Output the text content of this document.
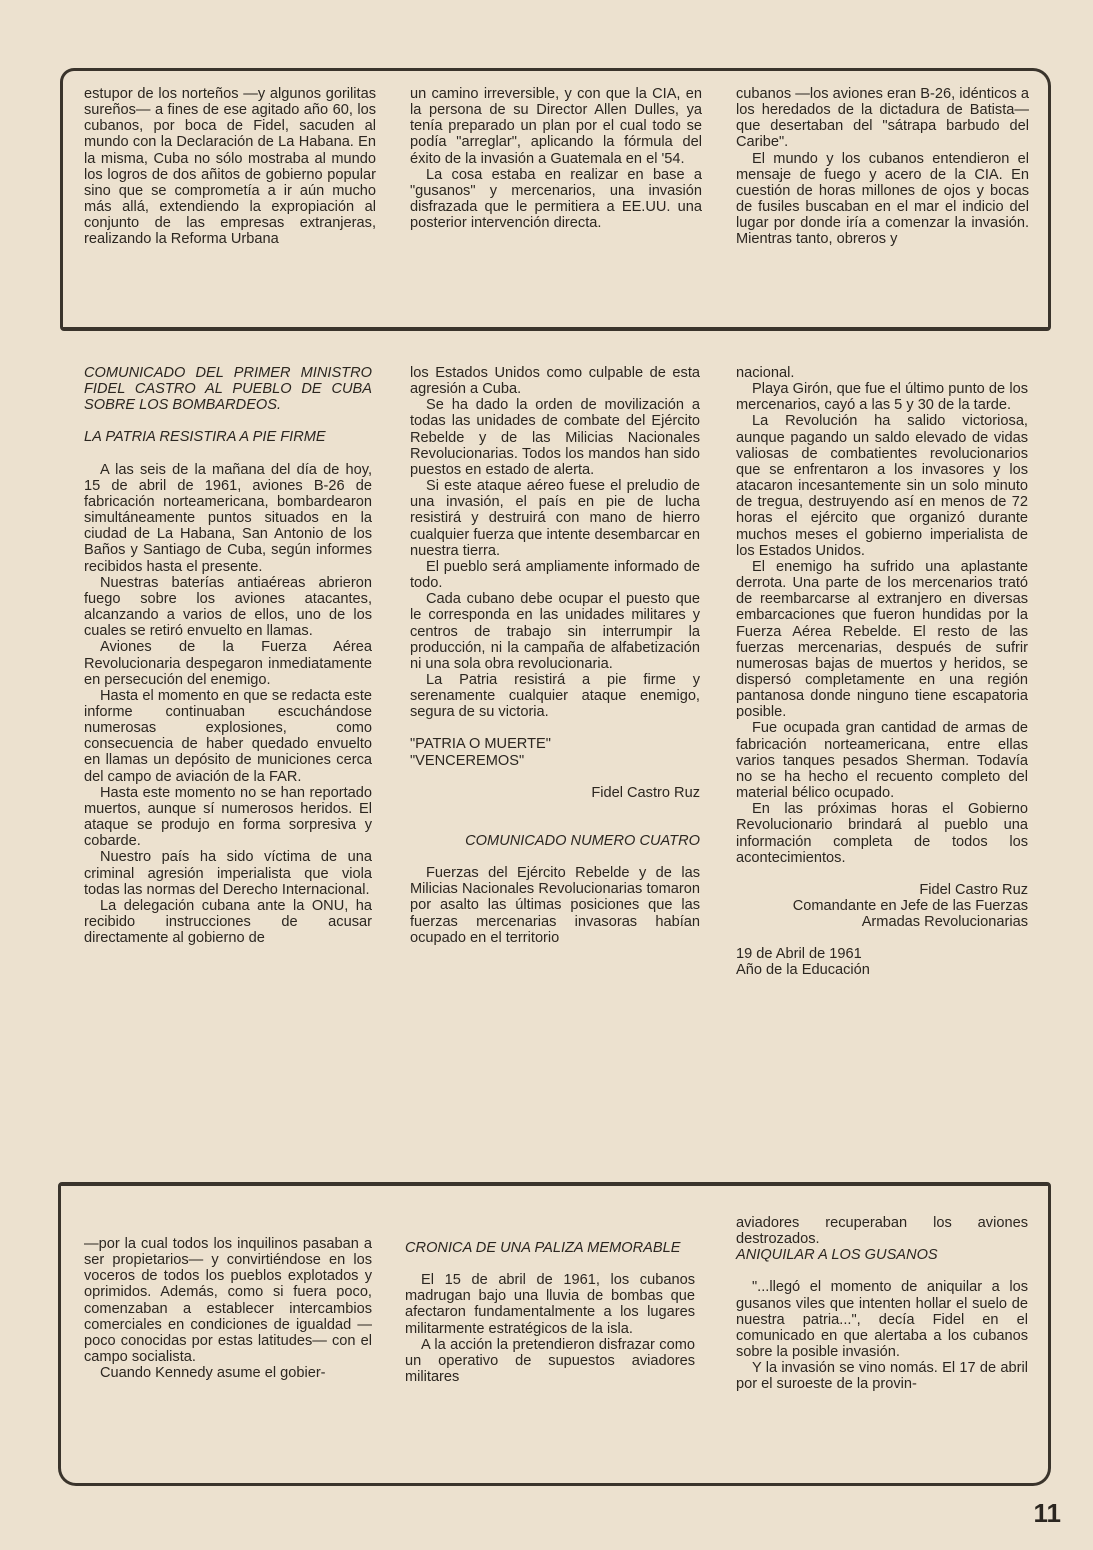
estupor de los norteños —y algunos gorilitas sureños— a fines de ese agitado año 60, los cubanos, por boca de Fidel, sacuden al mundo con la Declaración de La Habana. En la misma, Cuba no sólo mostraba al mundo los logros de dos añitos de gobierno popular sino que se comprometía a ir aún mucho más allá, extendiendo la expropiación al conjunto de las empresas extranjeras, realizando la Reforma Urbana

un camino irreversible, y con que la CIA, en la persona de su Director Allen Dulles, ya tenía preparado un plan por el cual todo se podía "arreglar", aplicando la fórmula del éxito de la invasión a Guatemala en el '54.

La cosa estaba en realizar en base a "gusanos" y mercenarios, una invasión disfrazada que le permitiera a EE.UU. una posterior intervención directa.

cubanos —los aviones eran B-26, idénticos a los heredados de la dictadura de Batista— que desertaban del "sátrapa barbudo del Caribe".

El mundo y los cubanos entendieron el mensaje de fuego y acero de la CIA. En cuestión de horas millones de ojos y bocas de fusiles buscaban en el mar el indicio del lugar por donde iría a comenzar la invasión. Mientras tanto, obreros y

COMUNICADO DEL PRIMER MINISTRO FIDEL CASTRO AL PUEBLO DE CUBA SOBRE LOS BOMBARDEOS.

LA PATRIA RESISTIRA A PIE FIRME

A las seis de la mañana del día de hoy, 15 de abril de 1961, aviones B-26 de fabricación norteamericana, bombardearon simultáneamente puntos situados en la ciudad de La Habana, San Antonio de los Baños y Santiago de Cuba, según informes recibidos hasta el presente.

Nuestras baterías antiaéreas abrieron fuego sobre los aviones atacantes, alcanzando a varios de ellos, uno de los cuales se retiró envuelto en llamas.

Aviones de la Fuerza Aérea Revolucionaria despegaron inmediatamente en persecución del enemigo.

Hasta el momento en que se redacta este informe continuaban escuchándose numerosas explosiones, como consecuencia de haber quedado envuelto en llamas un depósito de municiones cerca del campo de aviación de la FAR.

Hasta este momento no se han reportado muertos, aunque sí numerosos heridos. El ataque se produjo en forma sorpresiva y cobarde.

Nuestro país ha sido víctima de una criminal agresión imperialista que viola todas las normas del Derecho Internacional.

La delegación cubana ante la ONU, ha recibido instrucciones de acusar directamente al gobierno de

los Estados Unidos como culpable de esta agresión a Cuba.

Se ha dado la orden de movilización a todas las unidades de combate del Ejército Rebelde y de las Milicias Nacionales Revolucionarias. Todos los mandos han sido puestos en estado de alerta.

Si este ataque aéreo fuese el preludio de una invasión, el país en pie de lucha resistirá y destruirá con mano de hierro cualquier fuerza que intente desembarcar en nuestra tierra.

El pueblo será ampliamente informado de todo.

Cada cubano debe ocupar el puesto que le corresponda en las unidades militares y centros de trabajo sin interrumpir la producción, ni la campaña de alfabetización ni una sola obra revolucionaria.

La Patria resistirá a pie firme y serenamente cualquier ataque enemigo, segura de su victoria.

"PATRIA O MUERTE"

"VENCEREMOS"

Fidel Castro Ruz

COMUNICADO NUMERO CUATRO

Fuerzas del Ejército Rebelde y de las Milicias Nacionales Revolucionarias tomaron por asalto las últimas posiciones que las fuerzas mercenarias invasoras habían ocupado en el territorio

nacional.

Playa Girón, que fue el último punto de los mercenarios, cayó a las 5 y 30 de la tarde.

La Revolución ha salido victoriosa, aunque pagando un saldo elevado de vidas valiosas de combatientes revolucionarios que se enfrentaron a los invasores y los atacaron incesantemente sin un solo minuto de tregua, destruyendo así en menos de 72 horas el ejército que organizó durante muchos meses el gobierno imperialista de los Estados Unidos.

El enemigo ha sufrido una aplastante derrota. Una parte de los mercenarios trató de reembarcarse al extranjero en diversas embarcaciones que fueron hundidas por la Fuerza Aérea Rebelde. El resto de las fuerzas mercenarias, después de sufrir numerosas bajas de muertos y heridos, se dispersó completamente en una región pantanosa donde ninguno tiene escapatoria posible.

Fue ocupada gran cantidad de armas de fabricación norteamericana, entre ellas varios tanques pesados Sherman. Todavía no se ha hecho el recuento completo del material bélico ocupado.

En las próximas horas el Gobierno Revolucionario brindará al pueblo una información completa de todos los acontecimientos.

Fidel Castro Ruz

Comandante en Jefe de las Fuerzas

Armadas Revolucionarias

19 de Abril de 1961

Año de la Educación

—por la cual todos los inquilinos pasaban a ser propietarios— y convirtiéndose en los voceros de todos los pueblos explotados y oprimidos. Además, como si fuera poco, comenzaban a establecer intercambios comerciales en condiciones de igualdad —poco conocidas por estas latitudes— con el campo socialista.

Cuando Kennedy asume el gobier-

CRONICA DE UNA PALIZA MEMORABLE

El 15 de abril de 1961, los cubanos madrugan bajo una lluvia de bombas que afectaron fundamentalmente a los lugares militarmente estratégicos de la isla.

A la acción la pretendieron disfrazar como un operativo de supuestos aviadores militares

aviadores recuperaban los aviones destrozados.

ANIQUILAR A LOS GUSANOS

"...llegó el momento de aniquilar a los gusanos viles que intenten hollar el suelo de nuestra patria...", decía Fidel en el comunicado en que alertaba a los cubanos sobre la posible invasión.

Y la invasión se vino nomás. El 17 de abril por el suroeste de la provin-

11
